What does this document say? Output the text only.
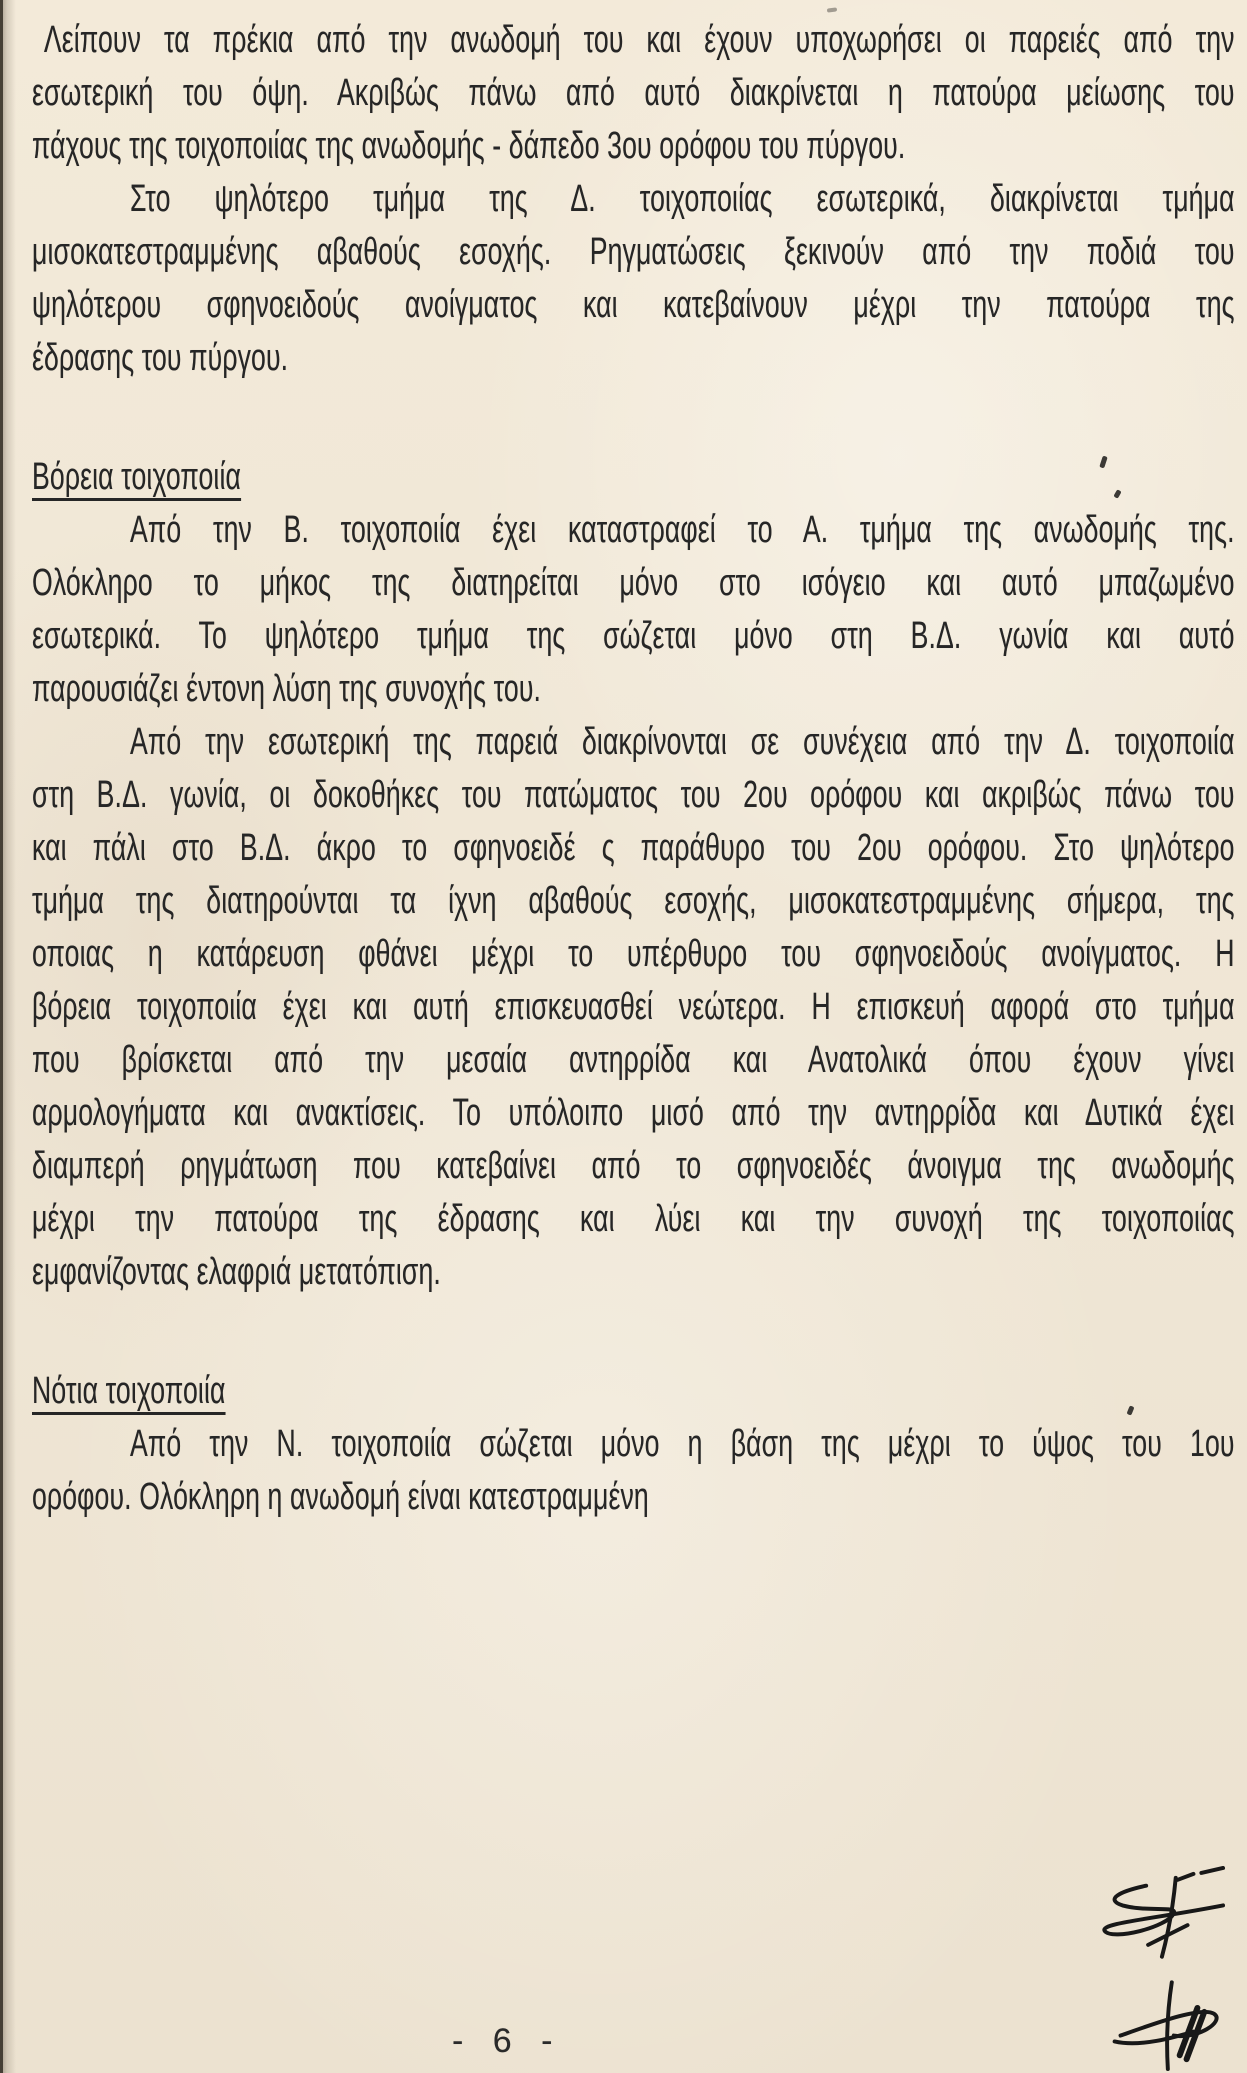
Λείπουν τα πρέκια από την ανωδομή του και έχουν υποχωρήσει οι παρειές από την
εσωτερική του όψη. Ακριβώς πάνω από αυτό διακρίνεται η πατούρα μείωσης του
πάχους της τοιχοποιίας της ανωδομής - δάπεδο 3ου ορόφου του πύργου.
Στο ψηλότερο τμήμα της Δ. τοιχοποιίας εσωτερικά, διακρίνεται τμήμα
μισοκατεστραμμένης αβαθούς εσοχής. Ρηγματώσεις ξεκινούν από την ποδιά του
ψηλότερου σφηνοειδούς ανοίγματος και κατεβαίνουν μέχρι την πατούρα της
έδρασης του πύργου.
Βόρεια τοιχοποιία
Από την Β. τοιχοποιία έχει καταστραφεί το Α. τμήμα της ανωδομής της.
Ολόκληρο το μήκος της διατηρείται μόνο στο ισόγειο και αυτό μπαζωμένο
εσωτερικά. Το ψηλότερο τμήμα της σώζεται μόνο στη Β.Δ. γωνία και αυτό
παρουσιάζει έντονη λύση της συνοχής του.
Από την εσωτερική της παρειά διακρίνονται σε συνέχεια από την Δ. τοιχοποιία
στη Β.Δ. γωνία, οι δοκοθήκες του πατώματος του 2ου ορόφου και ακριβώς πάνω του
και πάλι στο Β.Δ. άκρο το σφηνοειδέ ς παράθυρο του 2ου ορόφου. Στο ψηλότερο
τμήμα της διατηρούνται τα ίχνη αβαθούς εσοχής, μισοκατεστραμμένης σήμερα, της
οποιας η κατάρευση φθάνει μέχρι το υπέρθυρο του σφηνοειδούς ανοίγματος. Η
βόρεια τοιχοποιία έχει και αυτή επισκευασθεί νεώτερα. Η επισκευή αφορά στο τμήμα
που βρίσκεται από την μεσαία αντηρρίδα και Ανατολικά όπου έχουν γίνει
αρμολογήματα και ανακτίσεις. Το υπόλοιπο μισό από την αντηρρίδα και Δυτικά έχει
διαμπερή ρηγμάτωση που κατεβαίνει από το σφηνοειδές άνοιγμα της ανωδομής
μέχρι την πατούρα της έδρασης και λύει και την συνοχή της τοιχοποιίας
εμφανίζοντας ελαφριά μετατόπιση.
Νότια τοιχοποιία
Από την Ν. τοιχοποιία σώζεται μόνο η βάση της μέχρι το ύψος του 1ου
ορόφου. Ολόκληρη η ανωδομή είναι κατεστραμμένη
- 6 -
